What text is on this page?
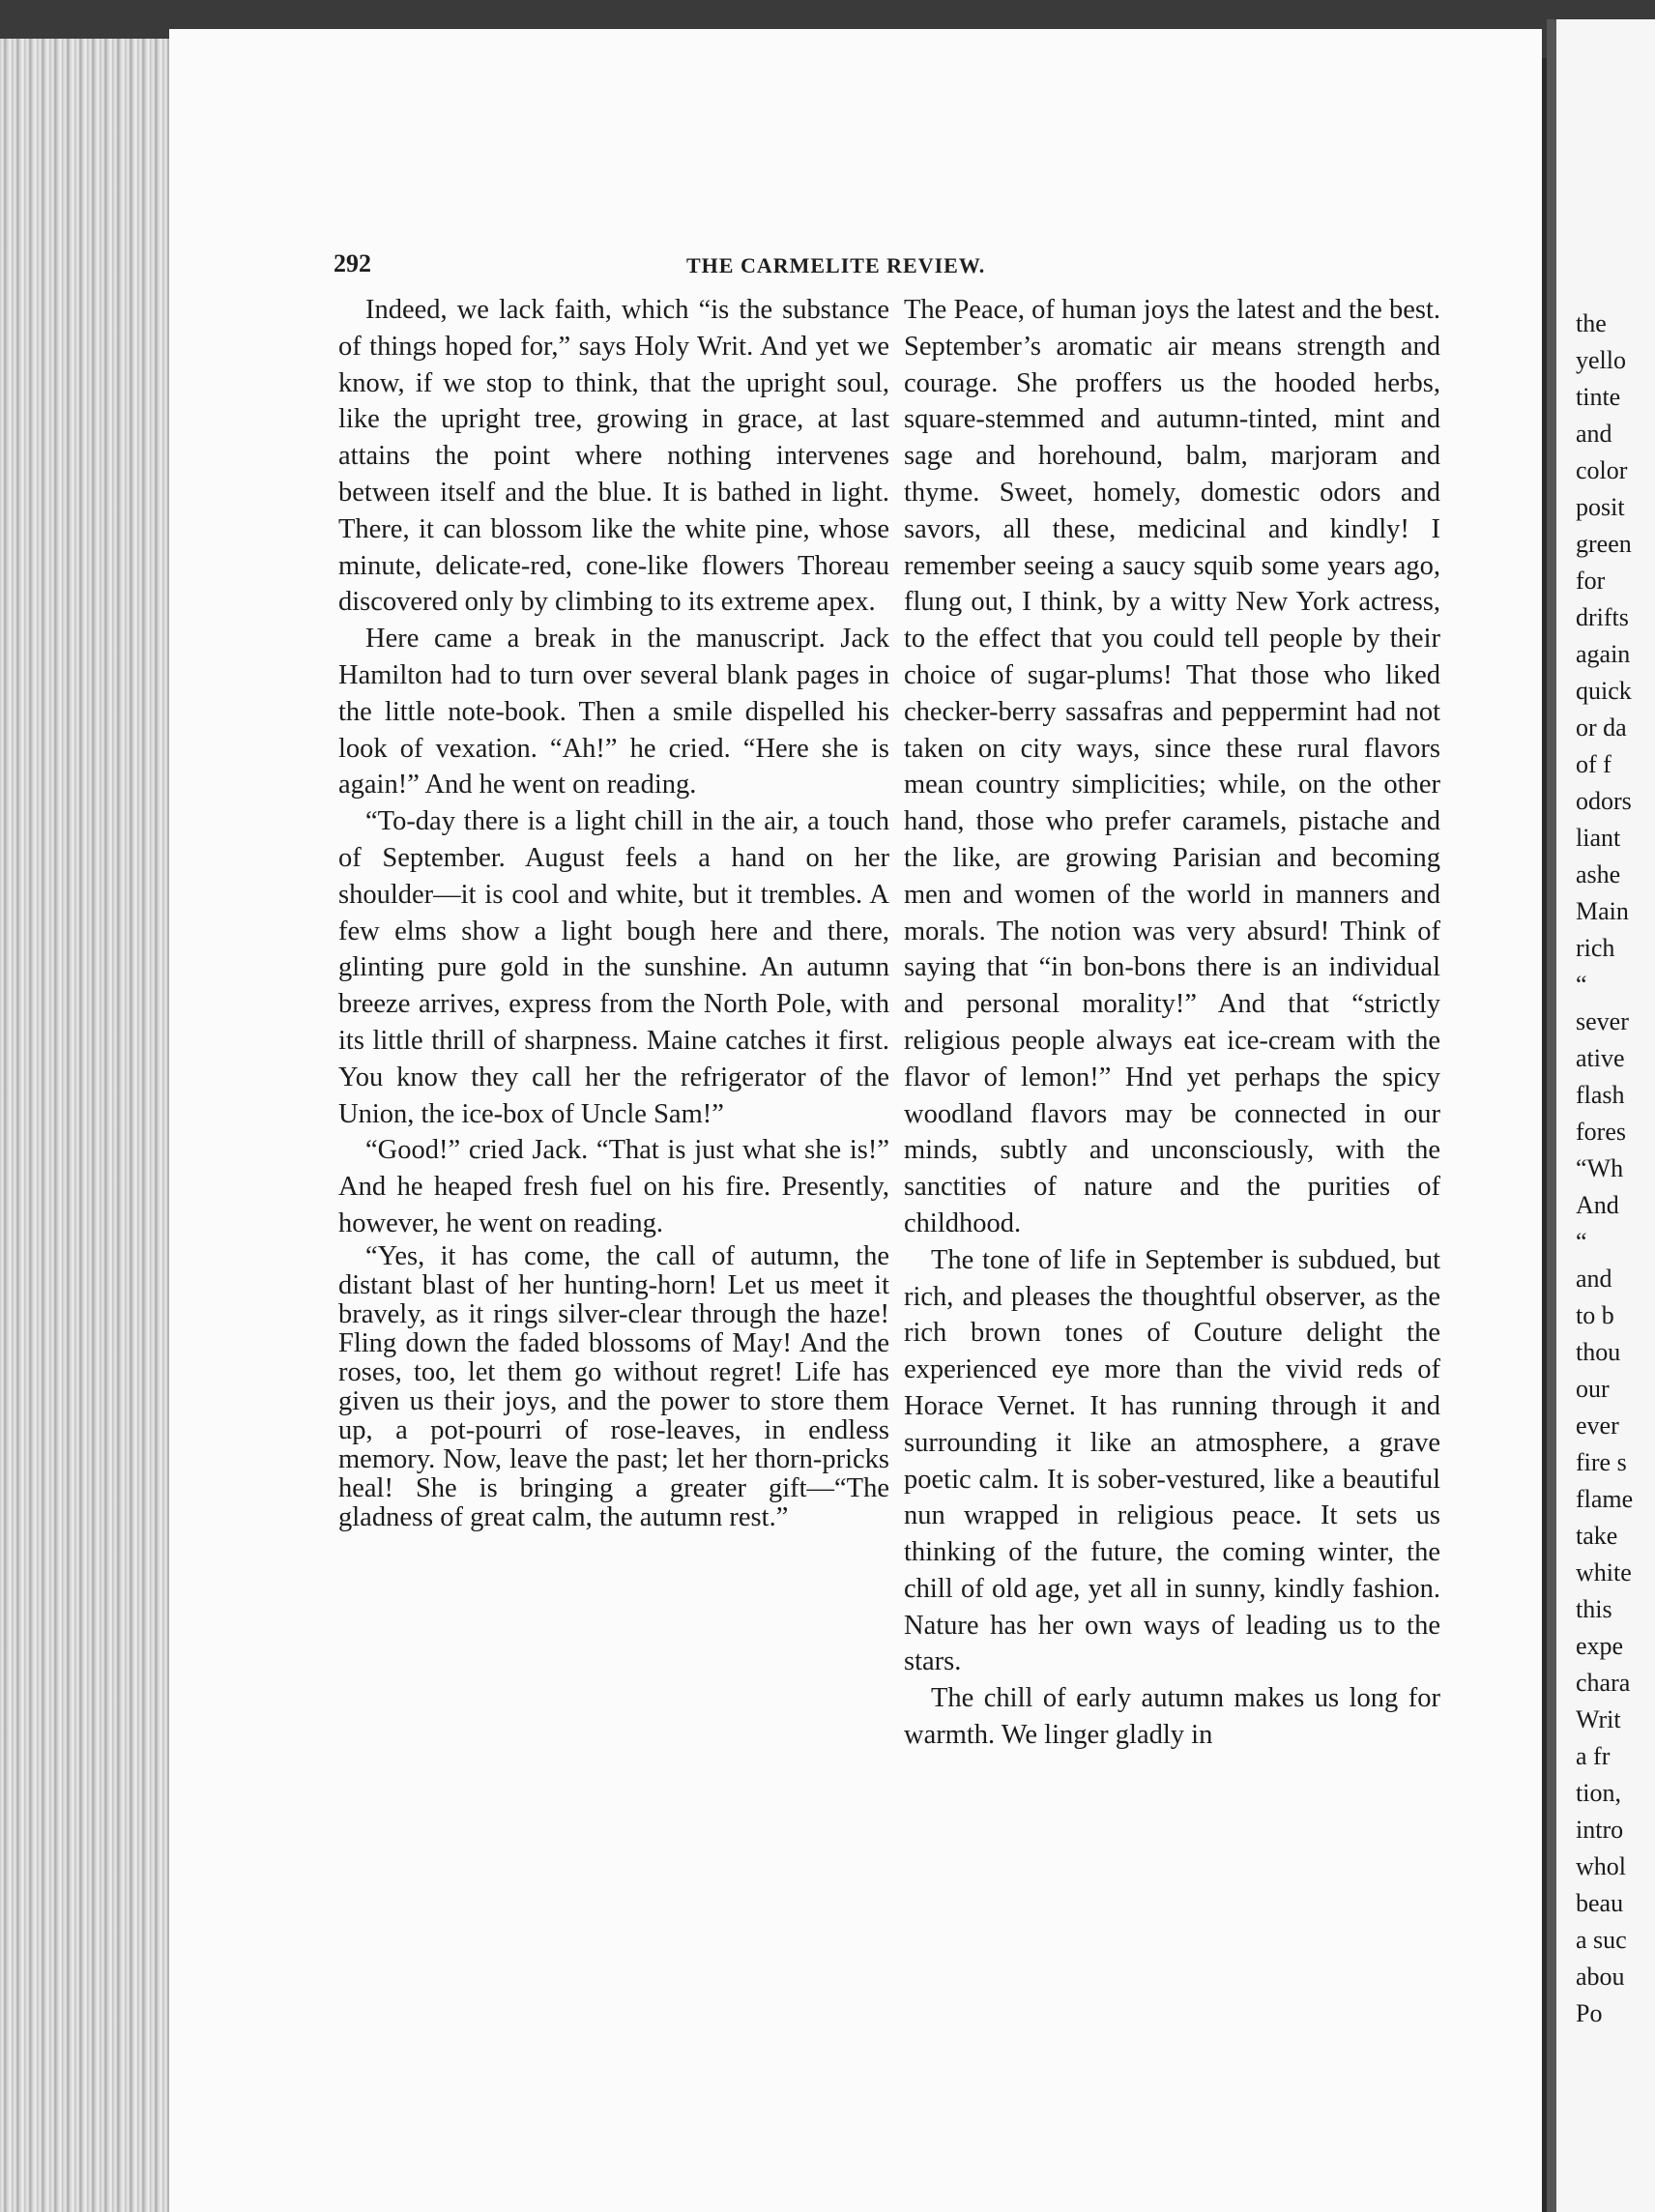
292	THE CARMELITE REVIEW.

Indeed, we lack faith, which “is the substance of things hoped for,” says Holy Writ. And yet we know, if we stop to think, that the upright soul, like the upright tree, growing in grace, at last attains the point where nothing intervenes between itself and the blue. It is bathed in light. There, it can blossom like the white pine, whose minute, delicate-red, cone-like flowers Thoreau discovered only by climbing to its extreme apex.

Here came a break in the manuscript. Jack Hamilton had to turn over several blank pages in the little note-book. Then a smile dispelled his look of vexation. “Ah!” he cried. “Here she is again!” And he went on reading.

“To-day there is a light chill in the air, a touch of September. August feels a hand on her shoulder—it is cool and white, but it trembles. A few elms show a light bough here and there, glinting pure gold in the sunshine. An autumn breeze arrives, express from the North Pole, with its little thrill of sharpness. Maine catches it first. You know they call her the refrigerator of the Union, the ice-box of Uncle Sam!”

“Good!” cried Jack. “That is just what she is!” And he heaped fresh fuel on his fire. Presently, however, he went on reading.

“Yes, it has come, the call of autumn, the distant blast of her hunting-horn! Let us meet it bravely, as it rings silver-clear through the haze! Fling down the faded blossoms of May! And the roses, too, let them go without regret! Life has given us their joys, and the power to store them up, a pot-pourri of rose-leaves, in endless memory. Now, leave the past; let her thorn-pricks heal! She is bringing a greater gift—“The gladness of great calm, the autumn rest.”

The Peace, of human joys the latest and the best. September’s aromatic air means strength and courage. She proffers us the hooded herbs, square-stemmed and autumn-tinted, mint and sage and horehound, balm, marjoram and thyme. Sweet, homely, domestic odors and savors, all these, medicinal and kindly! I remember seeing a saucy squib some years ago, flung out, I think, by a witty New York actress, to the effect that you could tell people by their choice of sugar-plums! That those who liked checker-berry sassafras and peppermint had not taken on city ways, since these rural flavors mean country simplicities; while, on the other hand, those who prefer caramels, pistache and the like, are growing Parisian and becoming men and women of the world in manners and morals. The notion was very absurd! Think of saying that “in bon-bons there is an individual and personal morality!” And that “strictly religious people always eat ice-cream with the flavor of lemon!” Hnd yet perhaps the spicy woodland flavors may be connected in our minds, subtly and unconsciously, with the sanctities of nature and the purities of childhood.

The tone of life in September is subdued, but rich, and pleases the thoughtful observer, as the rich brown tones of Couture delight the experienced eye more than the vivid reds of Horace Vernet. It has running through it and surrounding it like an atmosphere, a grave poetic calm. It is sober-vestured, like a beautiful nun wrapped in religious peace. It sets us thinking of the future, the coming winter, the chill of old age, yet all in sunny, kindly fashion. Nature has her own ways of leading us to the stars.

The chill of early autumn makes us long for warmth. We linger gladly in

the
yello
tinte
and
color
posit
green
for
drifts
again
quick
or da
of f
odors
liant
ashe
Main
rich
“
sever
ative
flash
fores
“Wh
And
“
and
to b
thou
our
ever
fire s
flame
take
white
this
expe
chara
Writ
a fr
tion,
intro
whol
beau
a suc
abou
Po
